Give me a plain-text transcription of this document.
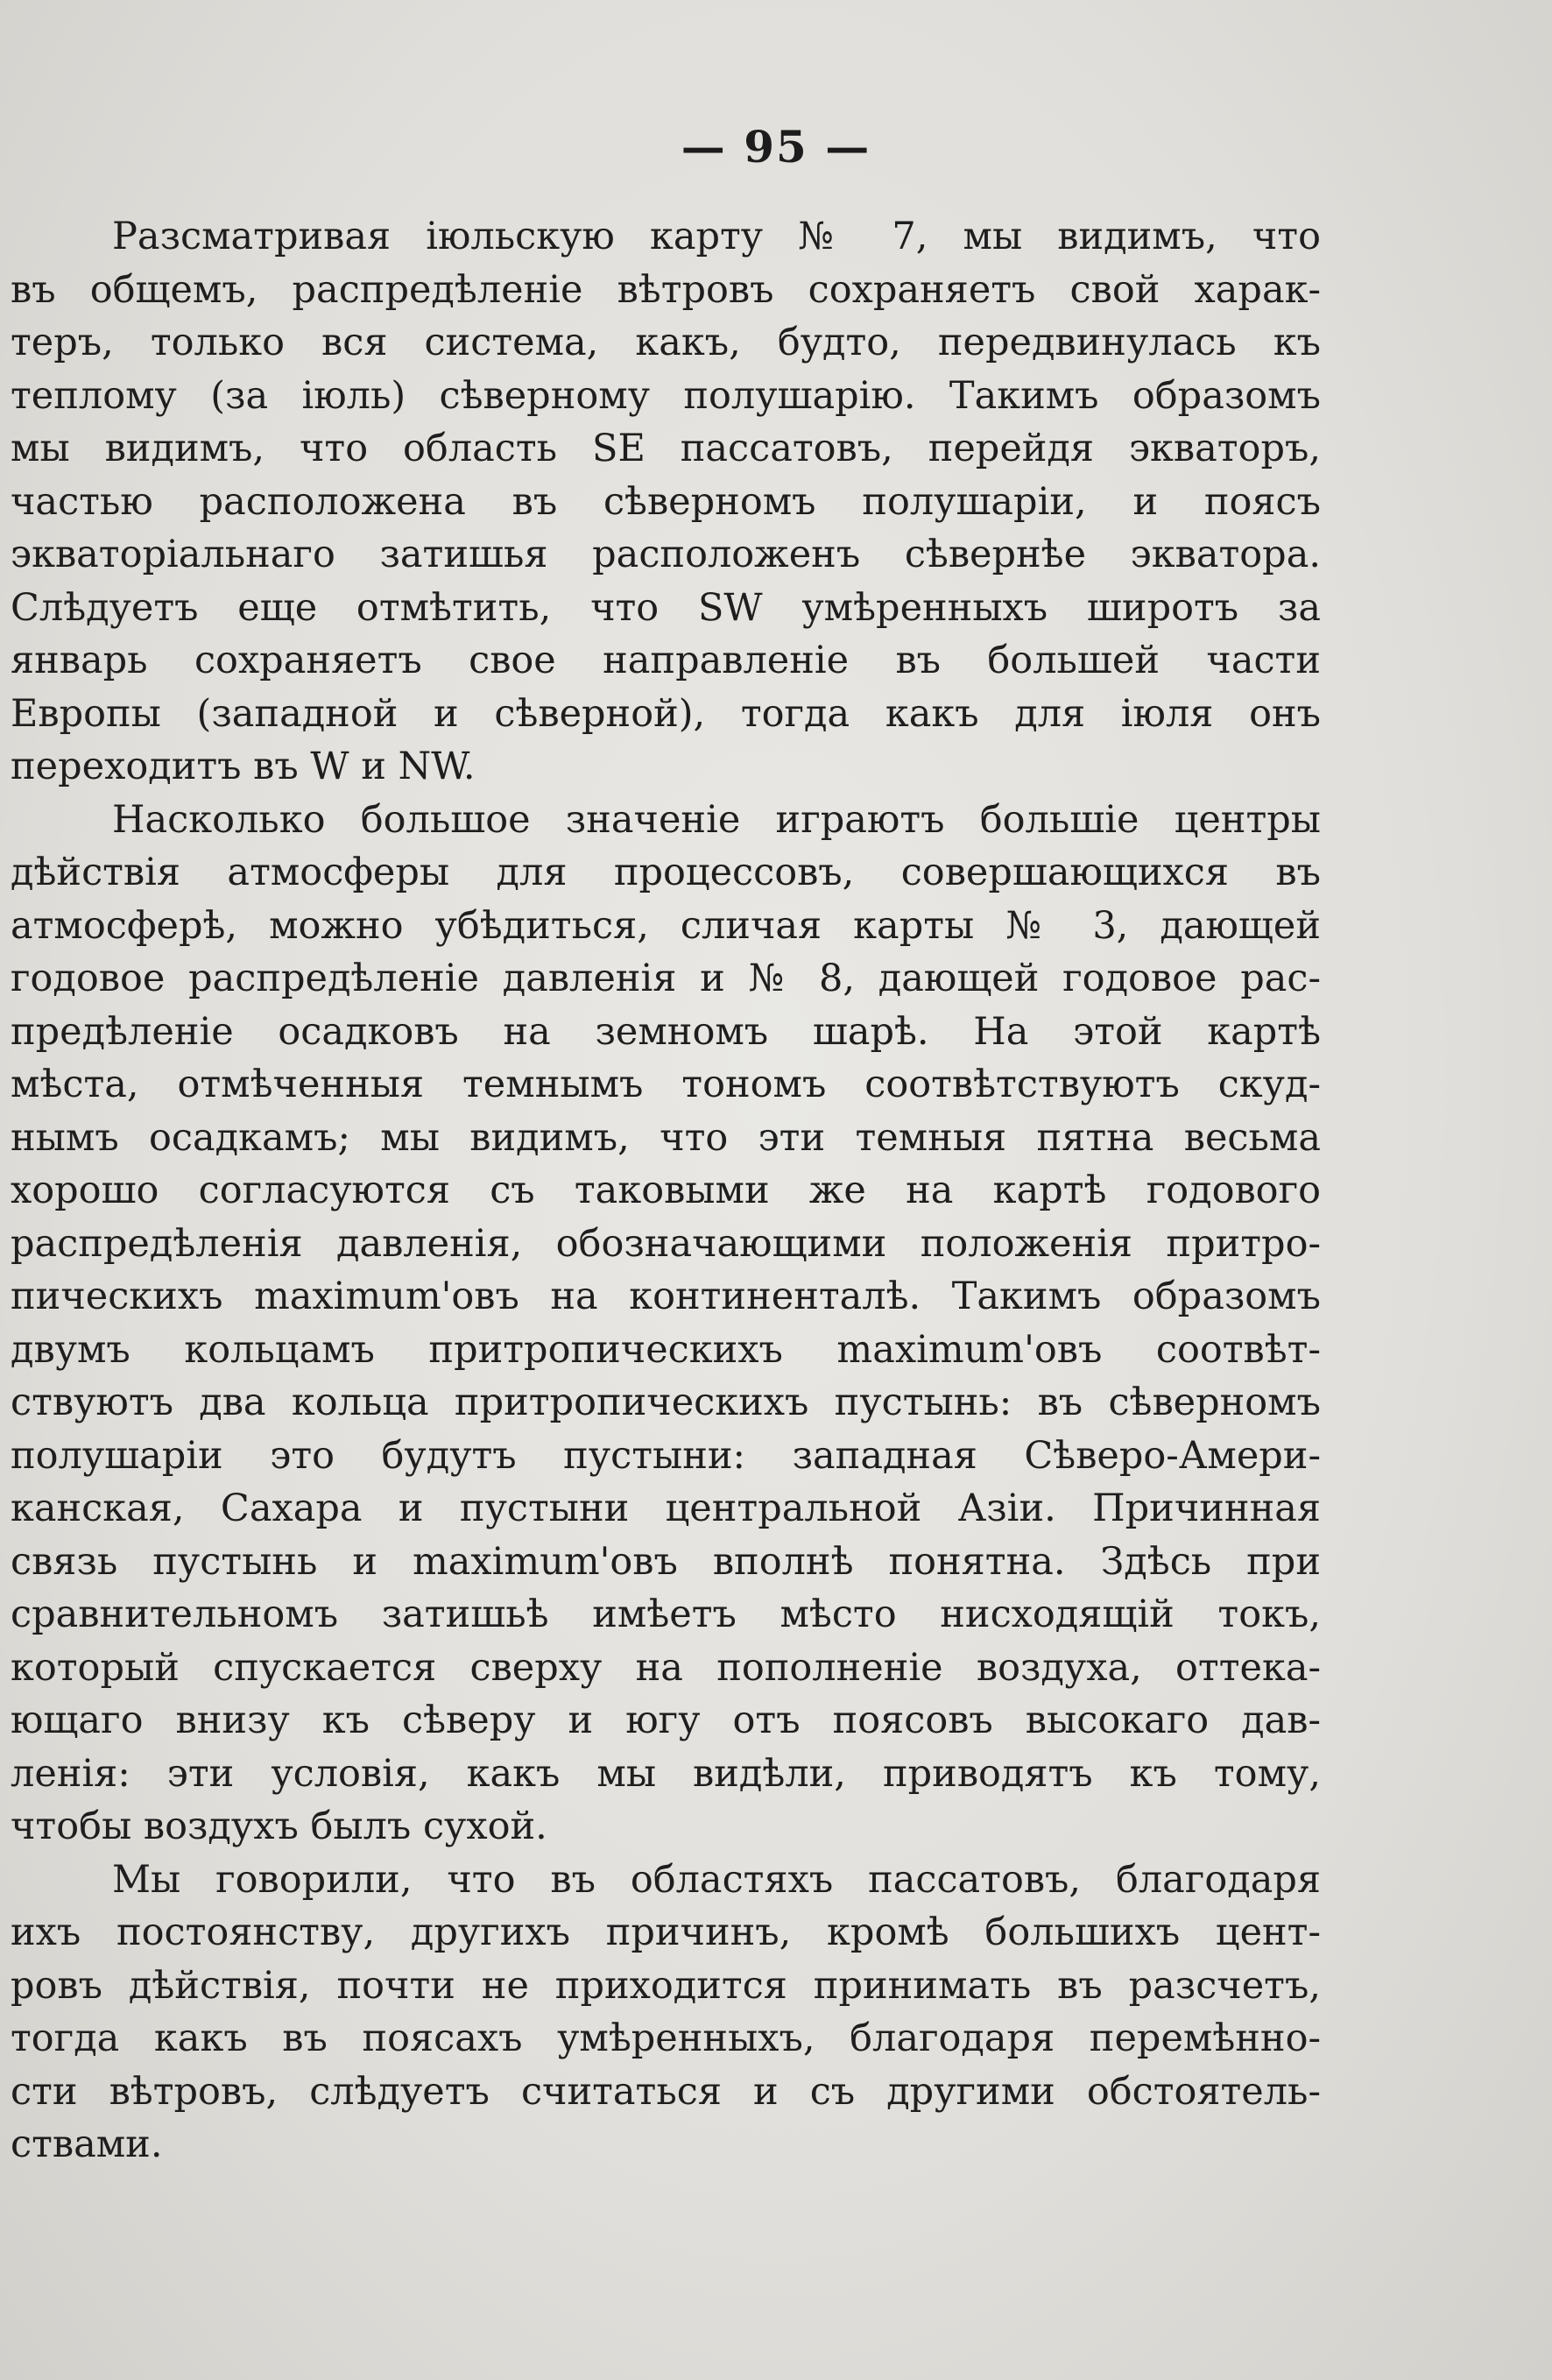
— 95 —
Разсматривая іюльскую карту № 7, мы видимъ, что
въ общемъ, распредѣленіе вѣтровъ сохраняетъ свой харак-
теръ, только вся система, какъ, будто, передвинулась къ
теплому (за іюль) сѣверному полушарію. Такимъ образомъ
мы видимъ, что область SE пассатовъ, перейдя экваторъ,
частью расположена въ сѣверномъ полушаріи, и поясъ
экваторіальнаго затишья расположенъ сѣвернѣе экватора.
Слѣдуетъ еще отмѣтить, что SW умѣренныхъ широтъ за
январь сохраняетъ свое направленіе въ большей части
Европы (западной и сѣверной), тогда какъ для іюля онъ
переходитъ въ W и NW.
Насколько большое значеніе играютъ большіе центры
дѣйствія атмосферы для процессовъ, совершающихся въ
атмосферѣ, можно убѣдиться, сличая карты № 3, дающей
годовое распредѣленіе давленія и № 8, дающей годовое рас-
предѣленіе осадковъ на земномъ шарѣ. На этой картѣ
мѣста, отмѣченныя темнымъ тономъ соотвѣтствуютъ скуд-
нымъ осадкамъ; мы видимъ, что эти темныя пятна весьма
хорошо согласуются съ таковыми же на картѣ годового
распредѣленія давленія, обозначающими положенія притро-
пическихъ maximum'овъ на континенталѣ. Такимъ образомъ
двумъ кольцамъ притропическихъ maximum'овъ соотвѣт-
ствуютъ два кольца притропическихъ пустынь: въ сѣверномъ
полушаріи это будутъ пустыни: западная Сѣверо-Амери-
канская, Сахара и пустыни центральной Азіи. Причинная
связь пустынь и maximum'овъ вполнѣ понятна. Здѣсь при
сравнительномъ затишьѣ имѣетъ мѣсто нисходящій токъ,
который спускается сверху на пополненіе воздуха, оттека-
ющаго внизу къ сѣверу и югу отъ поясовъ высокаго дав-
ленія: эти условія, какъ мы видѣли, приводятъ къ тому,
чтобы воздухъ былъ сухой.
Мы говорили, что въ областяхъ пассатовъ, благодаря
ихъ постоянству, другихъ причинъ, кромѣ большихъ цент-
ровъ дѣйствія, почти не приходится принимать въ разсчетъ,
тогда какъ въ поясахъ умѣренныхъ, благодаря перемѣнно-
сти вѣтровъ, слѣдуетъ считаться и съ другими обстоятель-
ствами.
